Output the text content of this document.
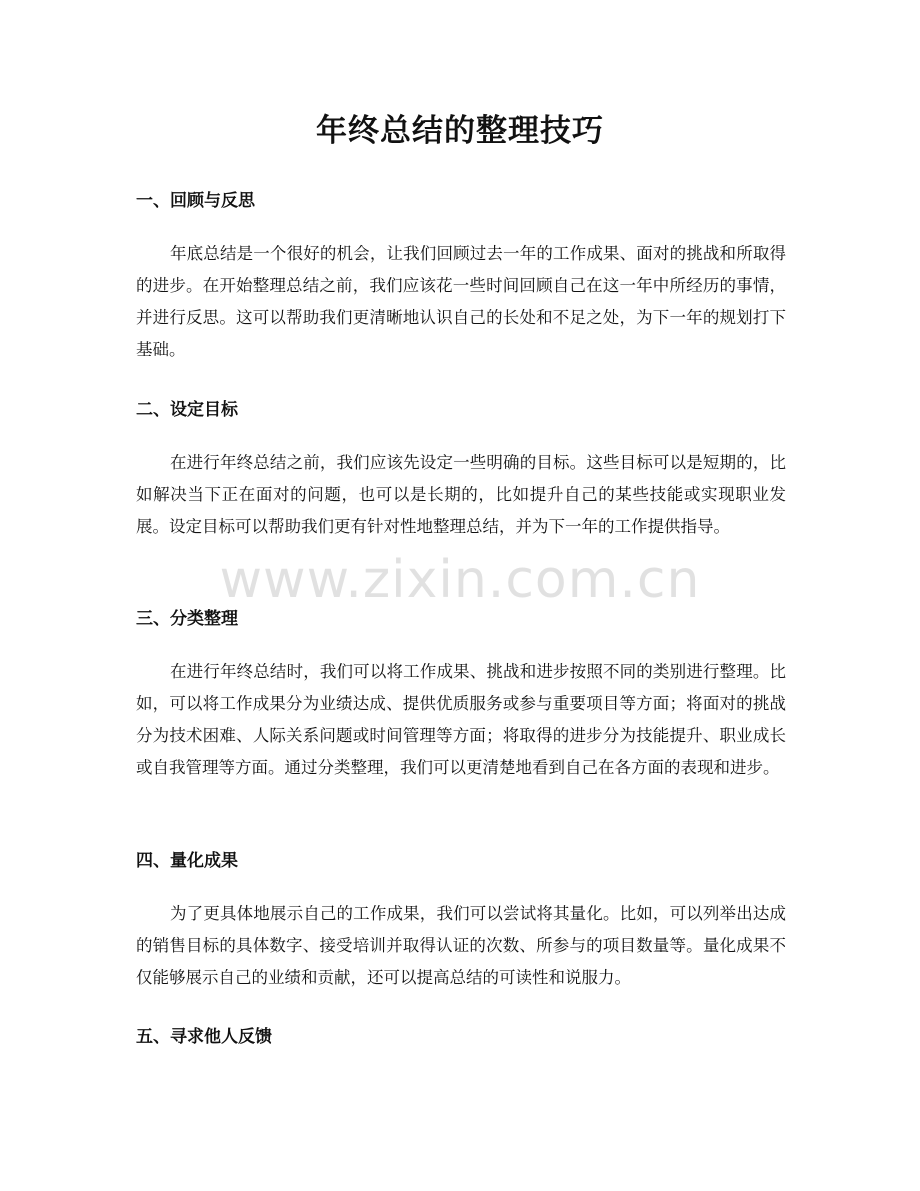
年终总结的整理技巧
一、回顾与反思

年底总结是一个很好的机会，让我们回顾过去一年的工作成果、面对的挑战和所取得的进步。在开始整理总结之前，我们应该花一些时间回顾自己在这一年中所经历的事情，并进行反思。这可以帮助我们更清晰地认识自己的长处和不足之处，为下一年的规划打下基础。

二、设定目标

在进行年终总结之前，我们应该先设定一些明确的目标。这些目标可以是短期的，比如解决当下正在面对的问题，也可以是长期的，比如提升自己的某些技能或实现职业发展。设定目标可以帮助我们更有针对性地整理总结，并为下一年的工作提供指导。

三、分类整理

在进行年终总结时，我们可以将工作成果、挑战和进步按照不同的类别进行整理。比如，可以将工作成果分为业绩达成、提供优质服务或参与重要项目等方面；将面对的挑战分为技术困难、人际关系问题或时间管理等方面；将取得的进步分为技能提升、职业成长或自我管理等方面。通过分类整理，我们可以更清楚地看到自己在各方面的表现和进步。

四、量化成果

为了更具体地展示自己的工作成果，我们可以尝试将其量化。比如，可以列举出达成的销售目标的具体数字、接受培训并取得认证的次数、所参与的项目数量等。量化成果不仅能够展示自己的业绩和贡献，还可以提高总结的可读性和说服力。

五、寻求他人反馈
www.zixin.com.cn
